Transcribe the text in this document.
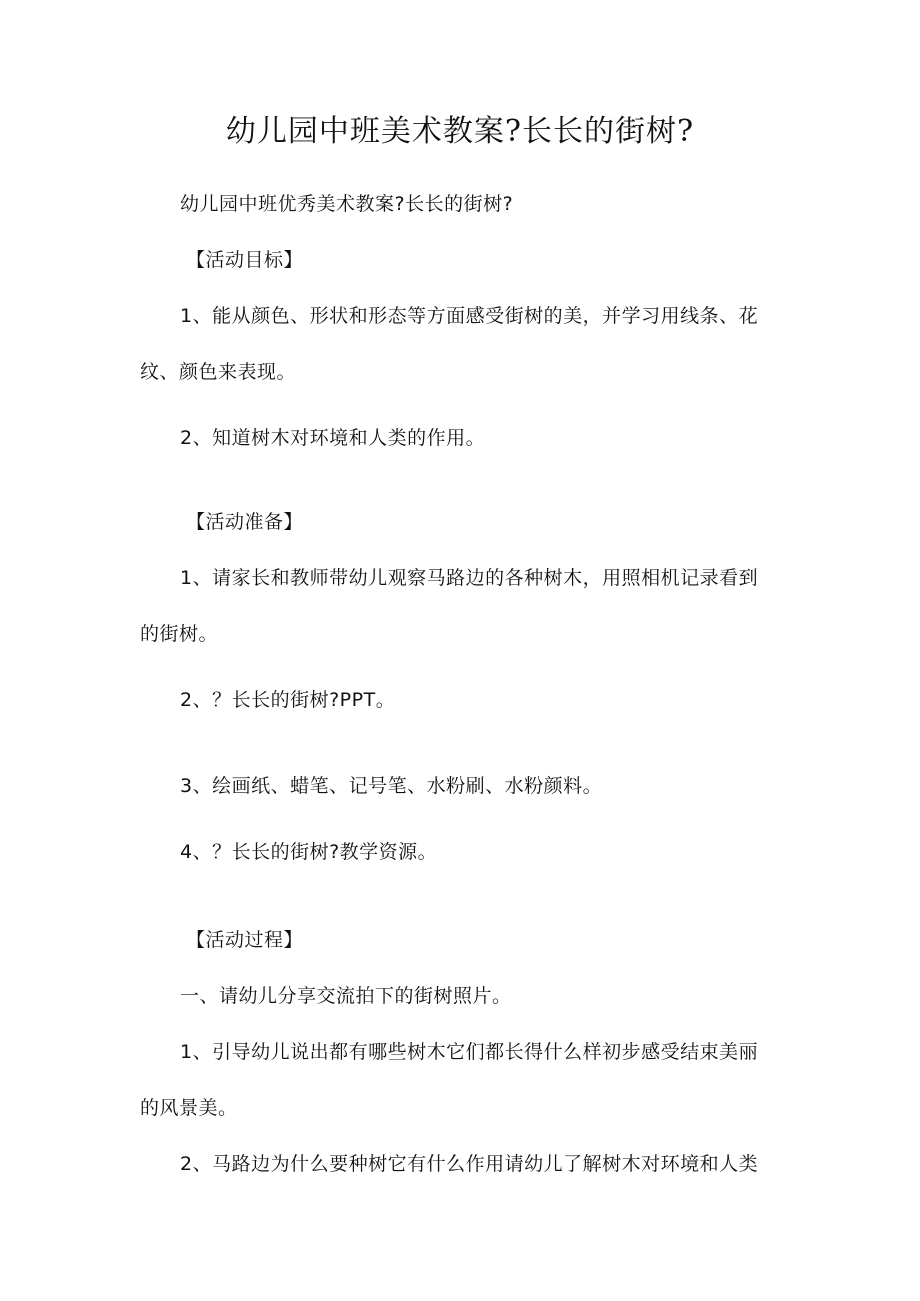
幼儿园中班美术教案?长长的街树?
幼儿园中班优秀美术教案?长长的街树?
【活动目标】
1、能从颜色、形状和形态等方面感受街树的美，并学习用线条、花
纹、颜色来表现。
2、知道树木对环境和人类的作用。
【活动准备】
1、请家长和教师带幼儿观察马路边的各种树木，用照相机记录看到
的街树。
2、？长长的街树?PPT。
3、绘画纸、蜡笔、记号笔、水粉刷、水粉颜料。
4、？长长的街树?教学资源。
【活动过程】
一、请幼儿分享交流拍下的街树照片。
1、引导幼儿说出都有哪些树木它们都长得什么样初步感受结束美丽
的风景美。
2、马路边为什么要种树它有什么作用请幼儿了解树木对环境和人类
